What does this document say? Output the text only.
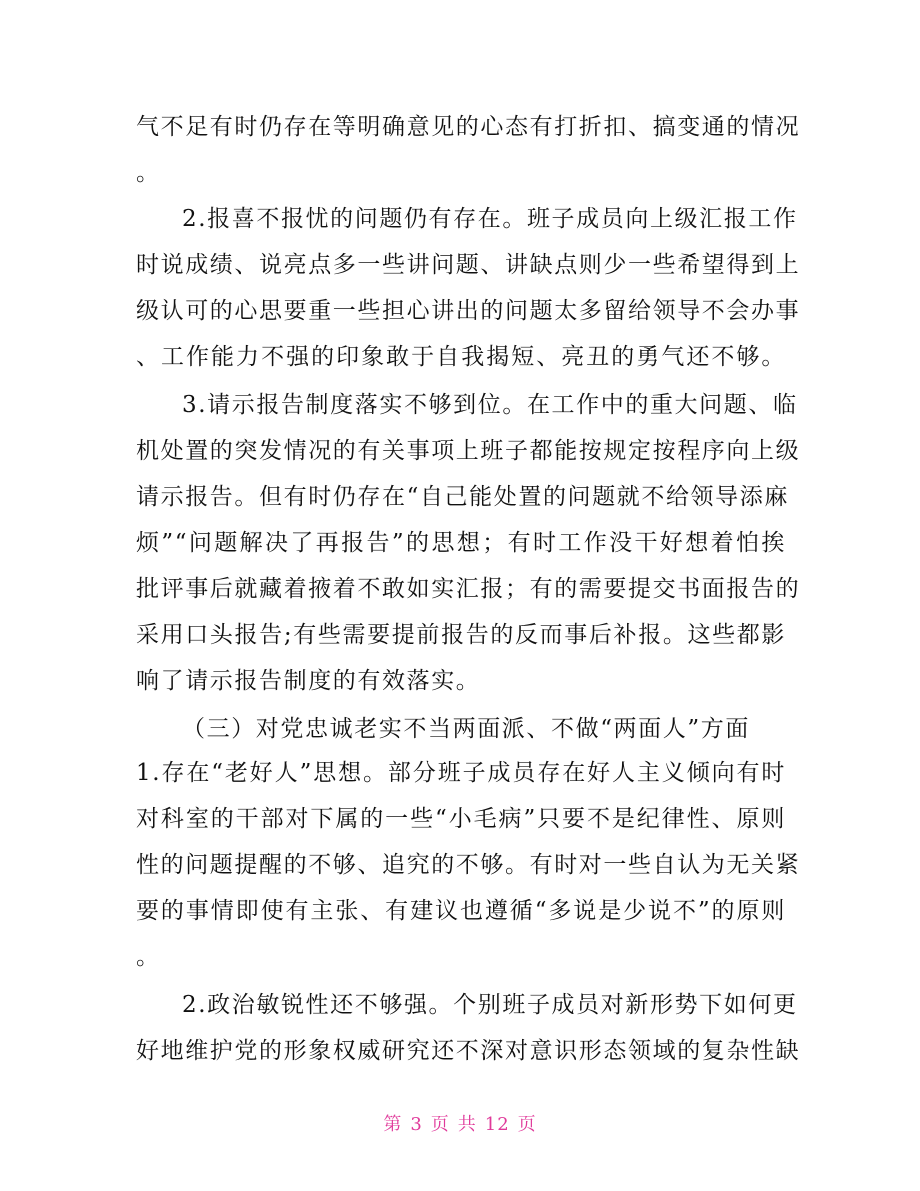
气不足有时仍存在等明确意见的心态有打折扣、搞变通的情况
。
2.报喜不报忧的问题仍有存在。班子成员向上级汇报工作
时说成绩、说亮点多一些讲问题、讲缺点则少一些希望得到上
级认可的心思要重一些担心讲出的问题太多留给领导不会办事
、工作能力不强的印象敢于自我揭短、亮丑的勇气还不够。
3.请示报告制度落实不够到位。在工作中的重大问题、临
机处置的突发情况的有关事项上班子都能按规定按程序向上级
请示报告。但有时仍存在“自己能处置的问题就不给领导添麻
烦”“问题解决了再报告”的思想；有时工作没干好想着怕挨
批评事后就藏着掖着不敢如实汇报；有的需要提交书面报告的
采用口头报告;有些需要提前报告的反而事后补报。这些都影
响了请示报告制度的有效落实。
（三）对党忠诚老实不当两面派、不做“两面人”方面
1.存在“老好人”思想。部分班子成员存在好人主义倾向有时
对科室的干部对下属的一些“小毛病”只要不是纪律性、原则
性的问题提醒的不够、追究的不够。有时对一些自认为无关紧
要的事情即使有主张、有建议也遵循“多说是少说不”的原则
。
2.政治敏锐性还不够强。个别班子成员对新形势下如何更
好地维护党的形象权威研究还不深对意识形态领域的复杂性缺
第 3 页 共 12 页
